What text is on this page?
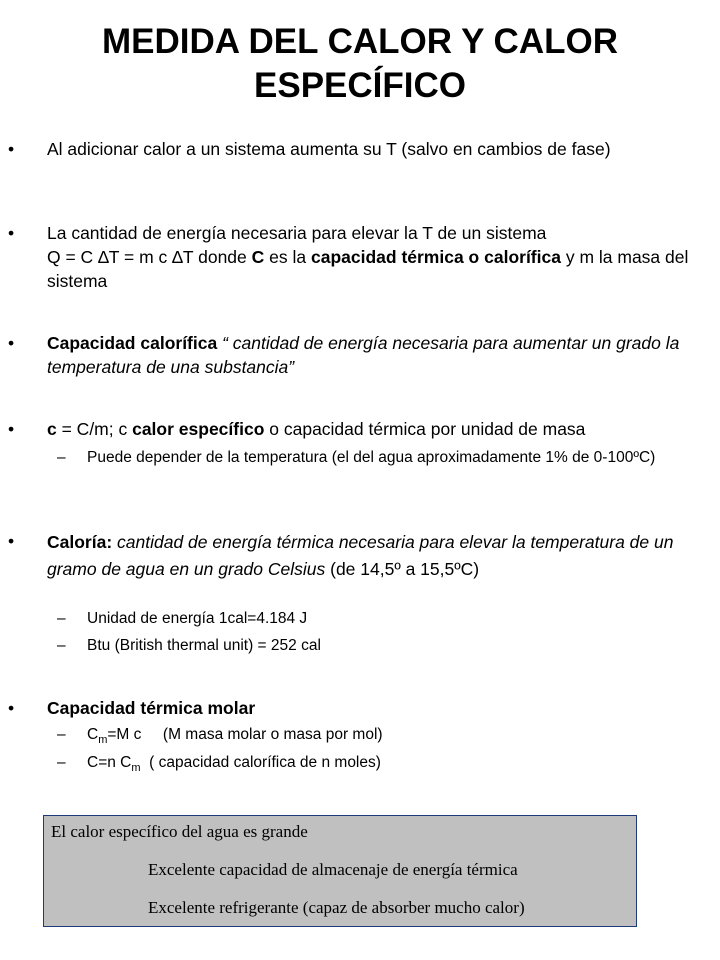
MEDIDA DEL CALOR Y CALOR
ESPECÍFICO
• Al adicionar calor a un sistema aumenta su T (salvo en cambios de fase)
• La cantidad de energía necesaria para elevar la T de un sistema
Q = C ∆T = m c ∆T donde C es la capacidad térmica o calorífica y m la masa del sistema
• Capacidad calorífica “ cantidad de energía necesaria para aumentar un grado la temperatura de una substancia”
• c = C/m; c calor específico o capacidad térmica por unidad de masa
– Puede depender de la temperatura (el del agua aproximadamente 1% de 0-100ºC)
• Caloría: cantidad de energía térmica necesaria para elevar la temperatura de un gramo de agua en un grado Celsius (de 14,5º a 15,5ºC)
– Unidad de energía 1cal=4.184 J
– Btu (British thermal unit) = 252 cal
• Capacidad térmica molar
– $C_m=M$ c     (M masa molar o masa por mol)
– C=n $C_m$  ( capacidad calorífica de n moles)
El calor específico del agua es grande
Excelente capacidad de almacenaje de energía térmica
Excelente refrigerante (capaz de absorber mucho calor)
